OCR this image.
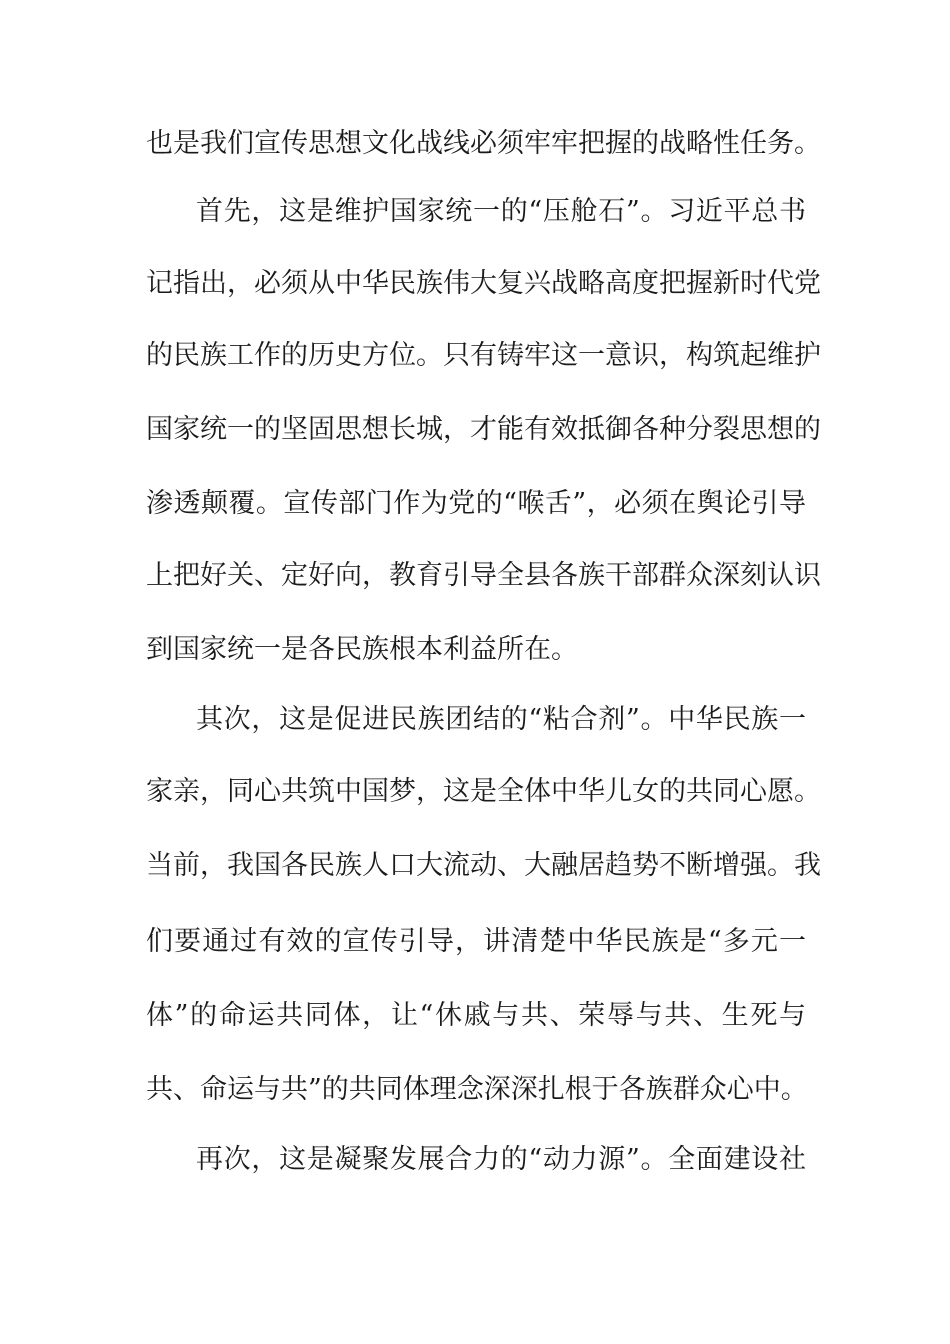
也是我们宣传思想文化战线必须牢牢把握的战略性任务。
首先，这是维护国家统一的“压舱石”。习近平总书
记指出，必须从中华民族伟大复兴战略高度把握新时代党
的民族工作的历史方位。只有铸牢这一意识，构筑起维护
国家统一的坚固思想长城，才能有效抵御各种分裂思想的
渗透颠覆。宣传部门作为党的“喉舌”，必须在舆论引导
上把好关、定好向，教育引导全县各族干部群众深刻认识
到国家统一是各民族根本利益所在。
其次，这是促进民族团结的“粘合剂”。中华民族一
家亲，同心共筑中国梦，这是全体中华儿女的共同心愿。
当前，我国各民族人口大流动、大融居趋势不断增强。我
们要通过有效的宣传引导，讲清楚中华民族是“多元一
体”的命运共同体，让“休戚与共、荣辱与共、生死与
共、命运与共”的共同体理念深深扎根于各族群众心中。
再次，这是凝聚发展合力的“动力源”。全面建设社
